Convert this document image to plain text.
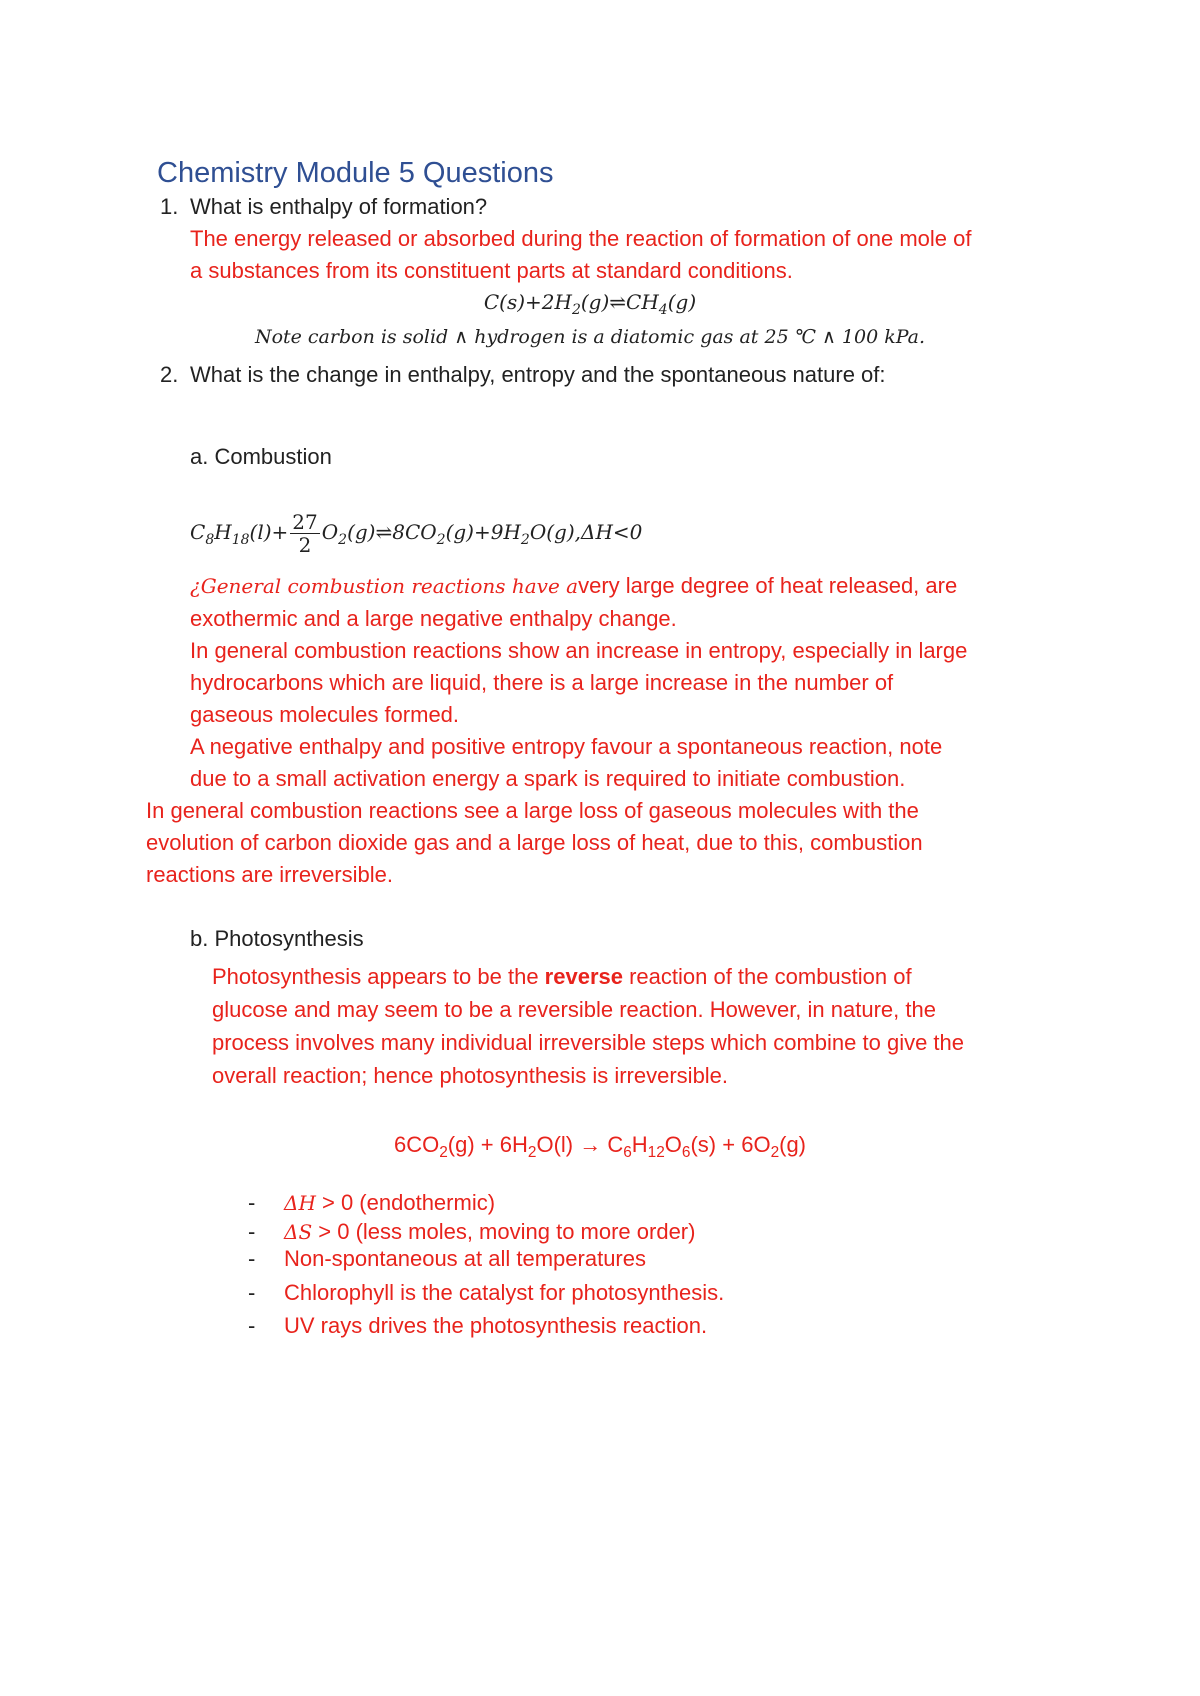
Chemistry Module 5 Questions
1. What is enthalpy of formation?
The energy released or absorbed during the reaction of formation of one mole of
a substances from its constituent parts at standard conditions.
$C(s)+2H_2(g)\rightleftharpoons CH_4(g)$
Note carbon is solid ∧ hydrogen is a diatomic gas at 25 ℃ ∧ 100 kPa.
2. What is the change in enthalpy, entropy and the spontaneous nature of:
a. Combustion
$C_8H_{18}(l)+ \frac{27}{2}$ $O_2(g)\rightleftharpoons 8CO_2(g)+9H_2O(g),\Delta H<0$
¿General combustion reactions have avery large degree of heat released, are
exothermic and a large negative enthalpy change.
In general combustion reactions show an increase in entropy, especially in large
hydrocarbons which are liquid, there is a large increase in the number of
gaseous molecules formed.
A negative enthalpy and positive entropy favour a spontaneous reaction, note
due to a small activation energy a spark is required to initiate combustion.
In general combustion reactions see a large loss of gaseous molecules with the
evolution of carbon dioxide gas and a large loss of heat, due to this, combustion
reactions are irreversible.
b. Photosynthesis
Photosynthesis appears to be the reverse reaction of the combustion of
glucose and may seem to be a reversible reaction. However, in nature, the
process involves many individual irreversible steps which combine to give the
overall reaction; hence photosynthesis is irreversible.
$6CO_2(g) + 6H_2O(l) \to C_6H_{12}O_6(s) + 6O_2(g)$
- ΔH > 0 (endothermic)
- ΔS > 0 (less moles, moving to more order)
- Non-spontaneous at all temperatures
- Chlorophyll is the catalyst for photosynthesis.
- UV rays drives the photosynthesis reaction.
